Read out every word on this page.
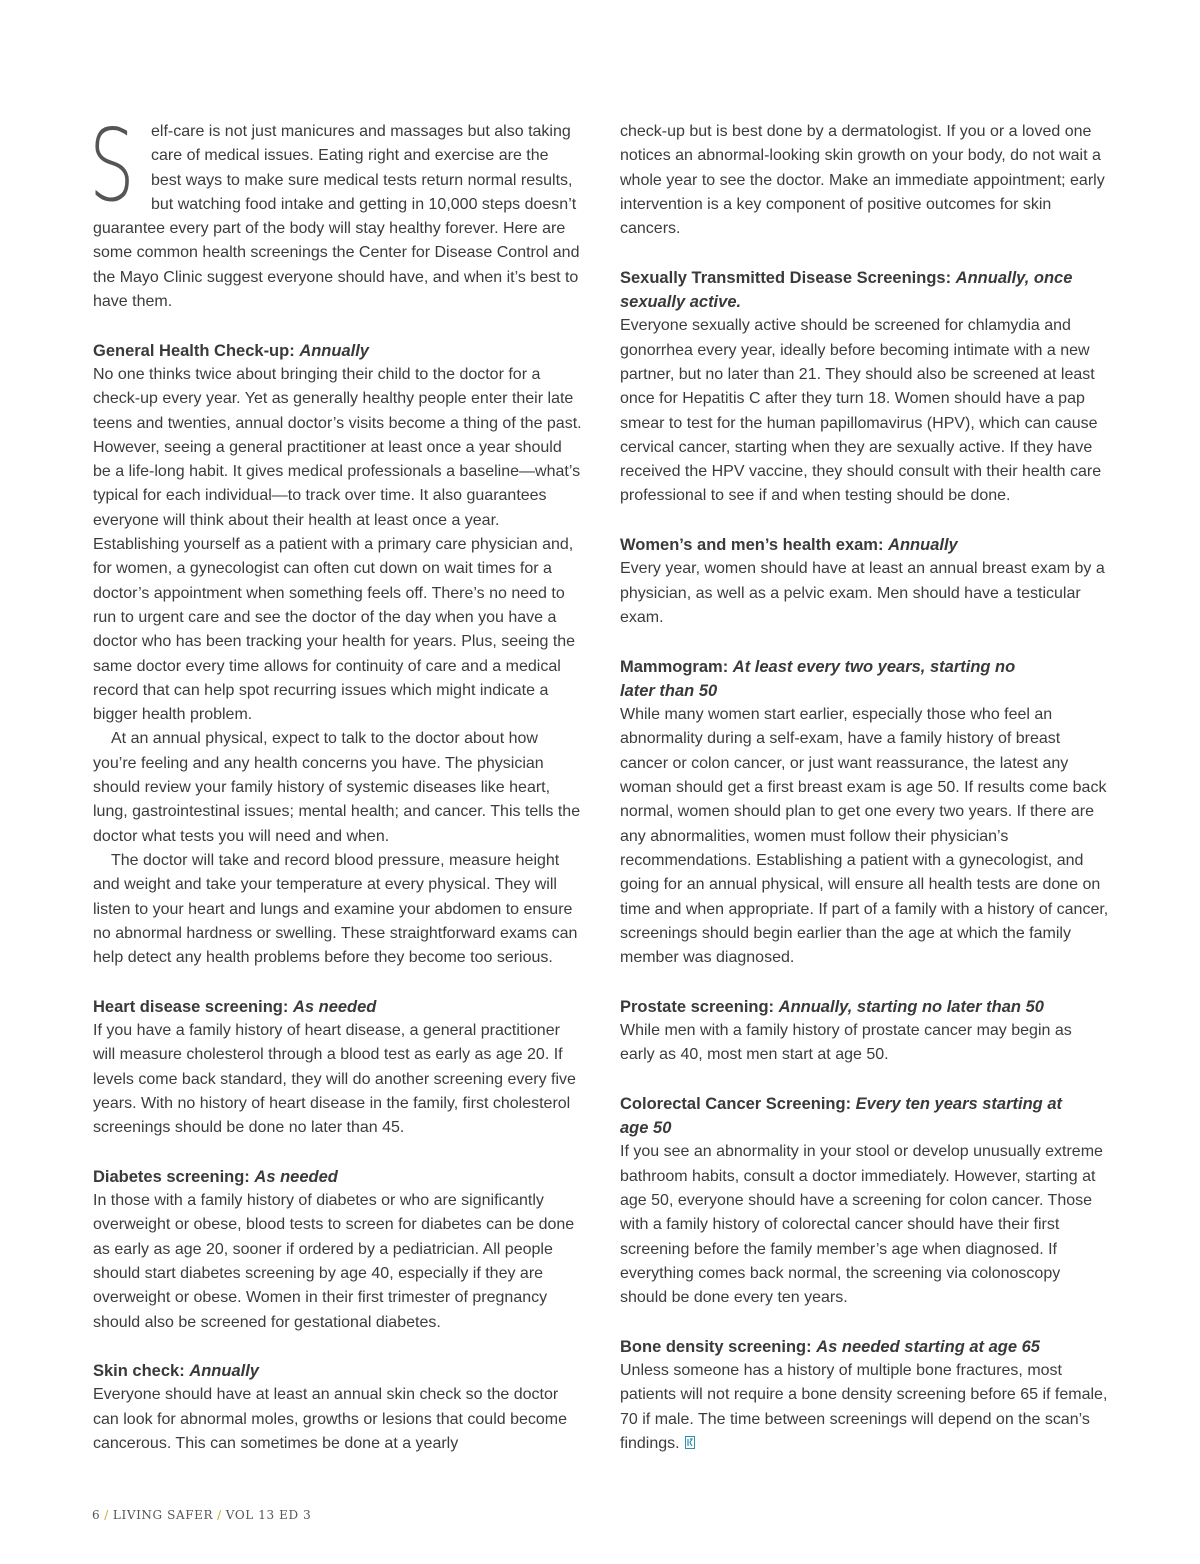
S elf-care is not just manicures and massages but also taking care of medical issues. Eating right and exercise are the best ways to make sure medical tests return normal results, but watching food intake and getting in 10,000 steps doesn’t guarantee every part of the body will stay healthy forever. Here are some common health screenings the Center for Disease Control and the Mayo Clinic suggest everyone should have, and when it’s best to have them.

General Health Check-up: Annually

No one thinks twice about bringing their child to the doctor for a check-up every year. Yet as generally healthy people enter their late teens and twenties, annual doctor’s visits become a thing of the past. However, seeing a general practitioner at least once a year should be a life-long habit. It gives medical professionals a baseline—what’s typical for each individual—to track over time. It also guarantees everyone will think about their health at least once a year. Establishing yourself as a patient with a primary care physician and, for women, a gynecologist can often cut down on wait times for a doctor’s appointment when something feels off. There’s no need to run to urgent care and see the doctor of the day when you have a doctor who has been tracking your health for years. Plus, seeing the same doctor every time allows for continuity of care and a medical record that can help spot recurring issues which might indicate a bigger health problem.

At an annual physical, expect to talk to the doctor about how you’re feeling and any health concerns you have. The physician should review your family history of systemic diseases like heart, lung, gastrointestinal issues; mental health; and cancer. This tells the doctor what tests you will need and when.

The doctor will take and record blood pressure, measure height and weight and take your temperature at every physical. They will listen to your heart and lungs and examine your abdomen to ensure no abnormal hardness or swelling. These straightforward exams can help detect any health problems before they become too serious.

Heart disease screening: As needed

If you have a family history of heart disease, a general practitioner will measure cholesterol through a blood test as early as age 20. If levels come back standard, they will do another screening every five years. With no history of heart disease in the family, first cholesterol screenings should be done no later than 45.

Diabetes screening: As needed

In those with a family history of diabetes or who are significantly overweight or obese, blood tests to screen for diabetes can be done as early as age 20, sooner if ordered by a pediatrician. All people should start diabetes screening by age 40, especially if they are overweight or obese. Women in their first trimester of pregnancy should also be screened for gestational diabetes.

Skin check: Annually

Everyone should have at least an annual skin check so the doctor can look for abnormal moles, growths or lesions that could become cancerous. This can sometimes be done at a yearly

check-up but is best done by a dermatologist. If you or a loved one notices an abnormal-looking skin growth on your body, do not wait a whole year to see the doctor. Make an immediate appointment; early intervention is a key component of positive outcomes for skin cancers.

Sexually Transmitted Disease Screenings: Annually, once sexually active.

Everyone sexually active should be screened for chlamydia and gonorrhea every year, ideally before becoming intimate with a new partner, but no later than 21. They should also be screened at least once for Hepatitis C after they turn 18. Women should have a pap smear to test for the human papillomavirus (HPV), which can cause cervical cancer, starting when they are sexually active. If they have received the HPV vaccine, they should consult with their health care professional to see if and when testing should be done.

Women’s and men’s health exam: Annually

Every year, women should have at least an annual breast exam by a physician, as well as a pelvic exam. Men should have a testicular exam.

Mammogram: At least every two years, starting no later than 50

While many women start earlier, especially those who feel an abnormality during a self-exam, have a family history of breast cancer or colon cancer, or just want reassurance, the latest any woman should get a first breast exam is age 50. If results come back normal, women should plan to get one every two years. If there are any abnormalities, women must follow their physician’s recommendations. Establishing a patient with a gynecologist, and going for an annual physical, will ensure all health tests are done on time and when appropriate. If part of a family with a history of cancer, screenings should begin earlier than the age at which the family member was diagnosed.

Prostate screening: Annually, starting no later than 50

While men with a family history of prostate cancer may begin as early as 40, most men start at age 50.

Colorectal Cancer Screening: Every ten years starting at age 50

If you see an abnormality in your stool or develop unusually extreme bathroom habits, consult a doctor immediately. However, starting at age 50, everyone should have a screening for colon cancer. Those with a family history of colorectal cancer should have their first screening before the family member’s age when diagnosed. If everything comes back normal, the screening via colonoscopy should be done every ten years.

Bone density screening: As needed starting at age 65

Unless someone has a history of multiple bone fractures, most patients will not require a bone density screening before 65 if female, 70 if male. The time between screenings will depend on the scan’s findings.

6 / LIVING SAFER / VOL 13 ED 3
